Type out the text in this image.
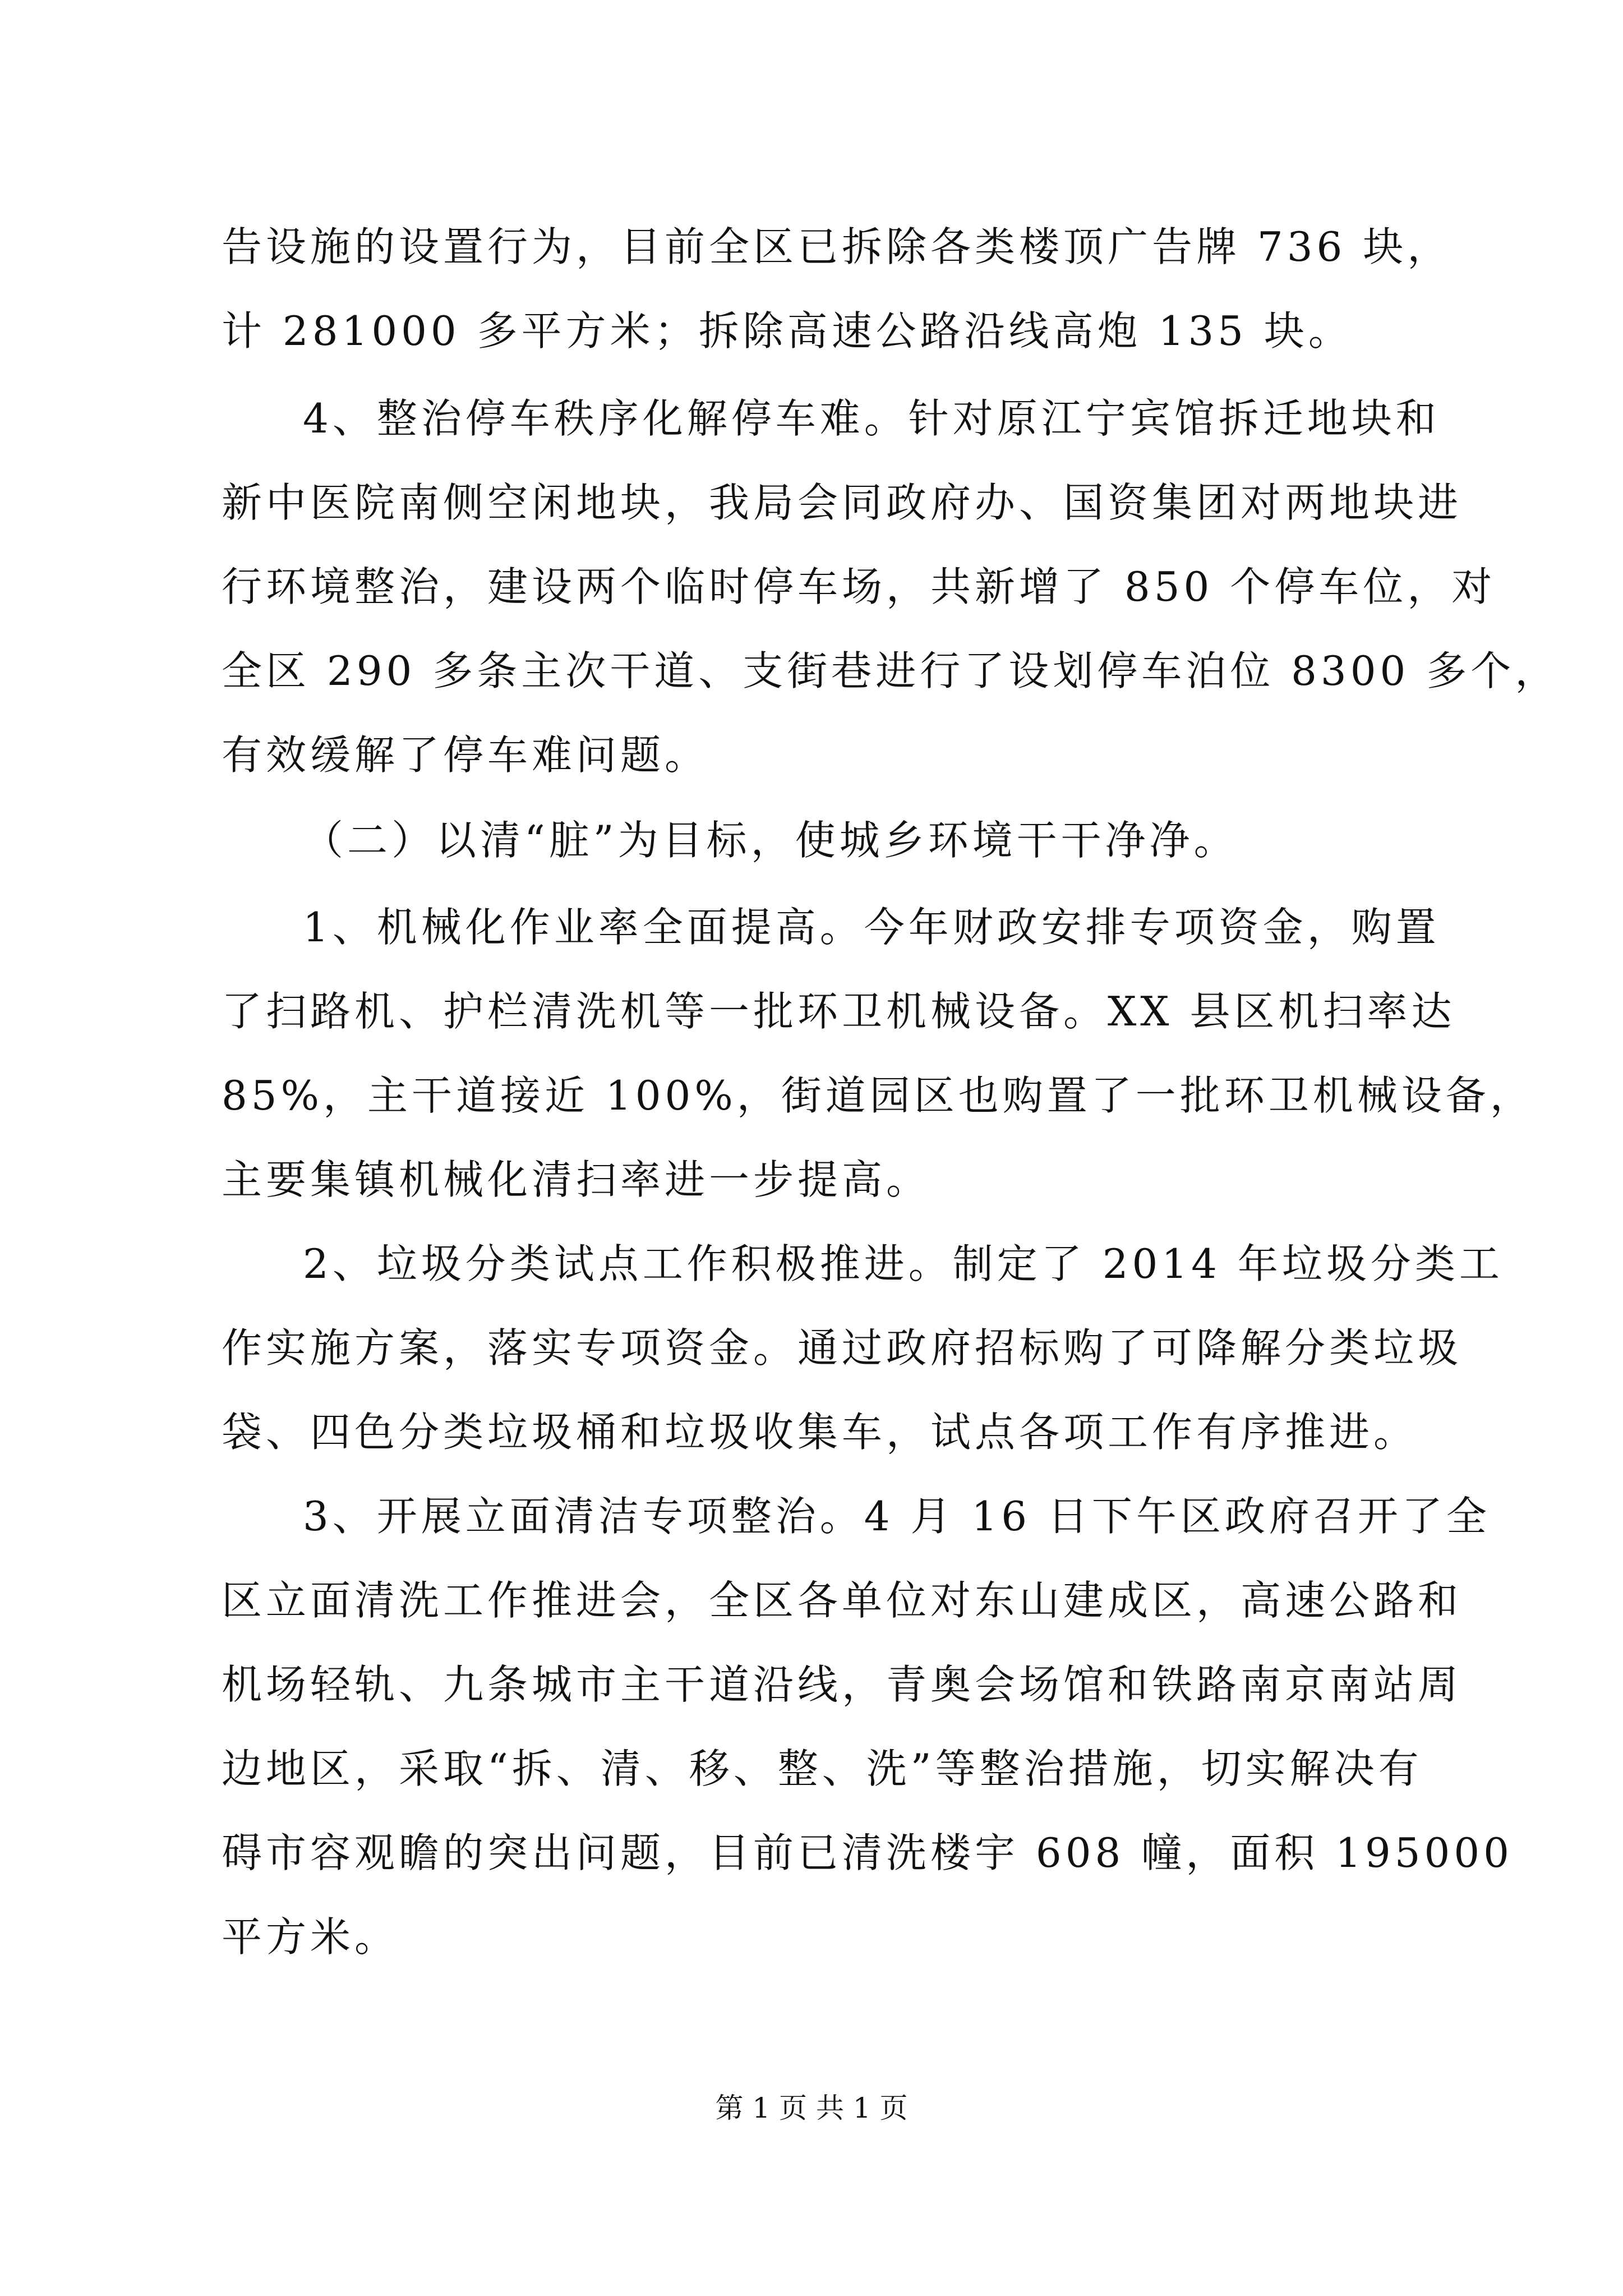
告设施的设置行为，目前全区已拆除各类楼顶广告牌 736 块，
计 281000 多平方米；拆除高速公路沿线高炮 135 块。
4、整治停车秩序化解停车难。针对原江宁宾馆拆迁地块和
新中医院南侧空闲地块，我局会同政府办、国资集团对两地块进
行环境整治，建设两个临时停车场，共新增了 850 个停车位，对
全区 290 多条主次干道、支街巷进行了设划停车泊位 8300 多个，
有效缓解了停车难问题。
（二）以清“脏”为目标，使城乡环境干干净净。
1、机械化作业率全面提高。今年财政安排专项资金，购置
了扫路机、护栏清洗机等一批环卫机械设备。XX 县区机扫率达
85%，主干道接近 100%，街道园区也购置了一批环卫机械设备，
主要集镇机械化清扫率进一步提高。
2、垃圾分类试点工作积极推进。制定了 2014 年垃圾分类工
作实施方案，落实专项资金。通过政府招标购了可降解分类垃圾
袋、四色分类垃圾桶和垃圾收集车，试点各项工作有序推进。
3、开展立面清洁专项整治。4 月 16 日下午区政府召开了全
区立面清洗工作推进会，全区各单位对东山建成区，高速公路和
机场轻轨、九条城市主干道沿线，青奥会场馆和铁路南京南站周
边地区，采取“拆、清、移、整、洗”等整治措施，切实解决有
碍市容观瞻的突出问题，目前已清洗楼宇 608 幢，面积 195000
平方米。
第 1 页 共 1 页
